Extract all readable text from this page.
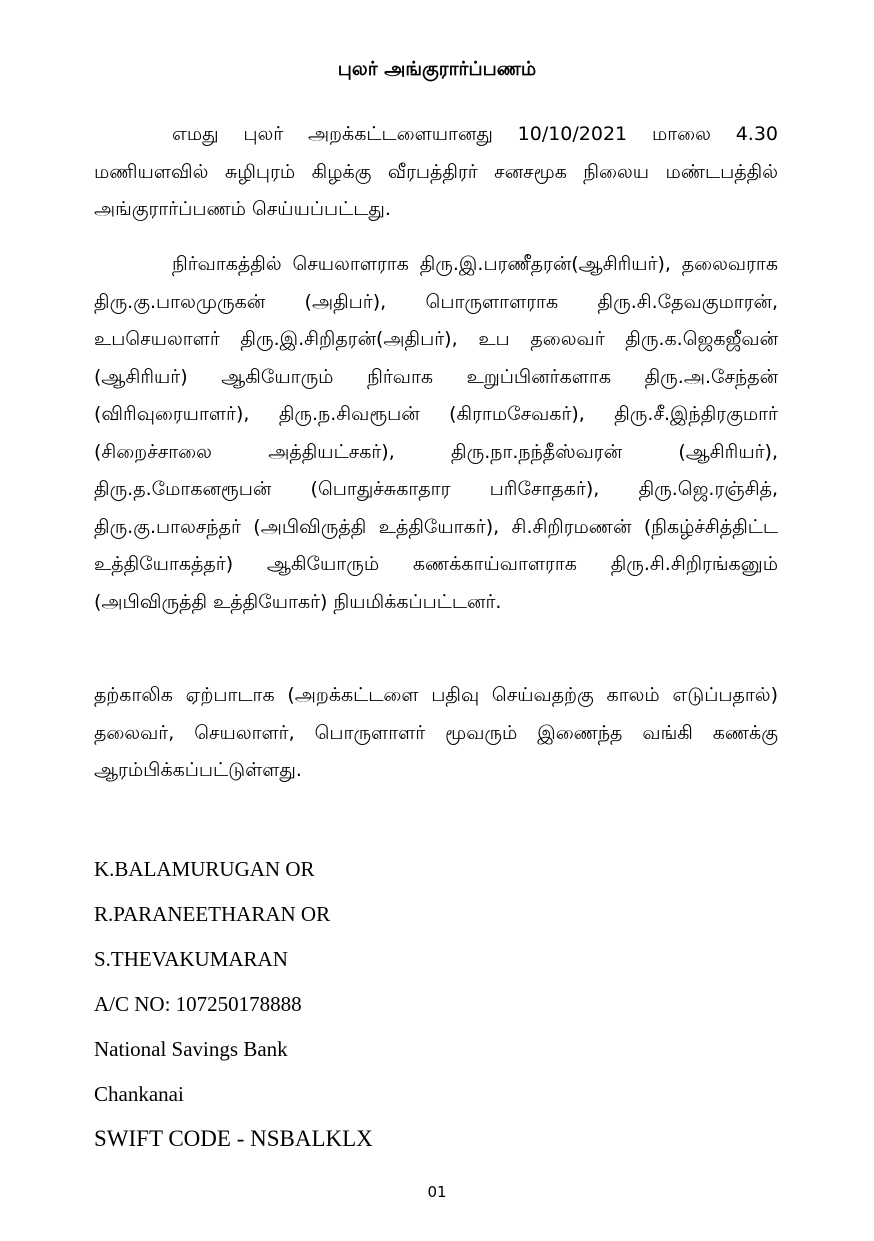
புலர் அங்குரார்ப்பணம்
எமது புலர் அறக்கட்டளையானது 10/10/2021 மாலை 4.30 மணியளவில் சுழிபுரம் கிழக்கு வீரபத்திரர் சனசமூக நிலைய மண்டபத்தில் அங்குரார்ப்பணம் செய்யப்பட்டது.
நிர்வாகத்தில் செயலாளராக திரு.இ.பரணீதரன்(ஆசிரியர்), தலைவராக திரு.கு.பாலமுருகன் (அதிபர்), பொருளாளராக திரு.சி.தேவகுமாரன், உபசெயலாளர் திரு.இ.சிறிதரன்(அதிபர்), உப தலைவர் திரு.க.ஜெகஜீவன் (ஆசிரியர்) ஆகியோரும் நிர்வாக உறுப்பினர்களாக திரு.அ.சேந்தன் (விரிவுரையாளர்), திரு.ந.சிவரூபன் (கிராமசேவகர்), திரு.சீ.இந்திரகுமார் (சிறைச்சாலை அத்தியட்சகர்), திரு.நா.நந்தீஸ்வரன் (ஆசிரியர்), திரு.த.மோகனரூபன் (பொதுச்சுகாதார பரிசோதகர்), திரு.ஜெ.ரஞ்சித், திரு.கு.பாலசந்தர் (அபிவிருத்தி உத்தியோகர்), சி.சிறிரமணன் (நிகழ்ச்சித்திட்ட உத்தியோகத்தர்) ஆகியோரும் கணக்காய்வாளராக திரு.சி.சிறிரங்கனும் (அபிவிருத்தி உத்தியோகர்) நியமிக்கப்பட்டனர்.
தற்காலிக ஏற்பாடாக (அறக்கட்டளை பதிவு செய்வதற்கு காலம் எடுப்பதால்) தலைவர், செயலாளர், பொருளாளர் மூவரும் இணைந்த வங்கி கணக்கு ஆரம்பிக்கப்பட்டுள்ளது.
K.BALAMURUGAN OR
R.PARANEETHARAN OR
S.THEVAKUMARAN
A/C NO: 107250178888
National Savings Bank
Chankanai
SWIFT CODE - NSBALKLX
01
